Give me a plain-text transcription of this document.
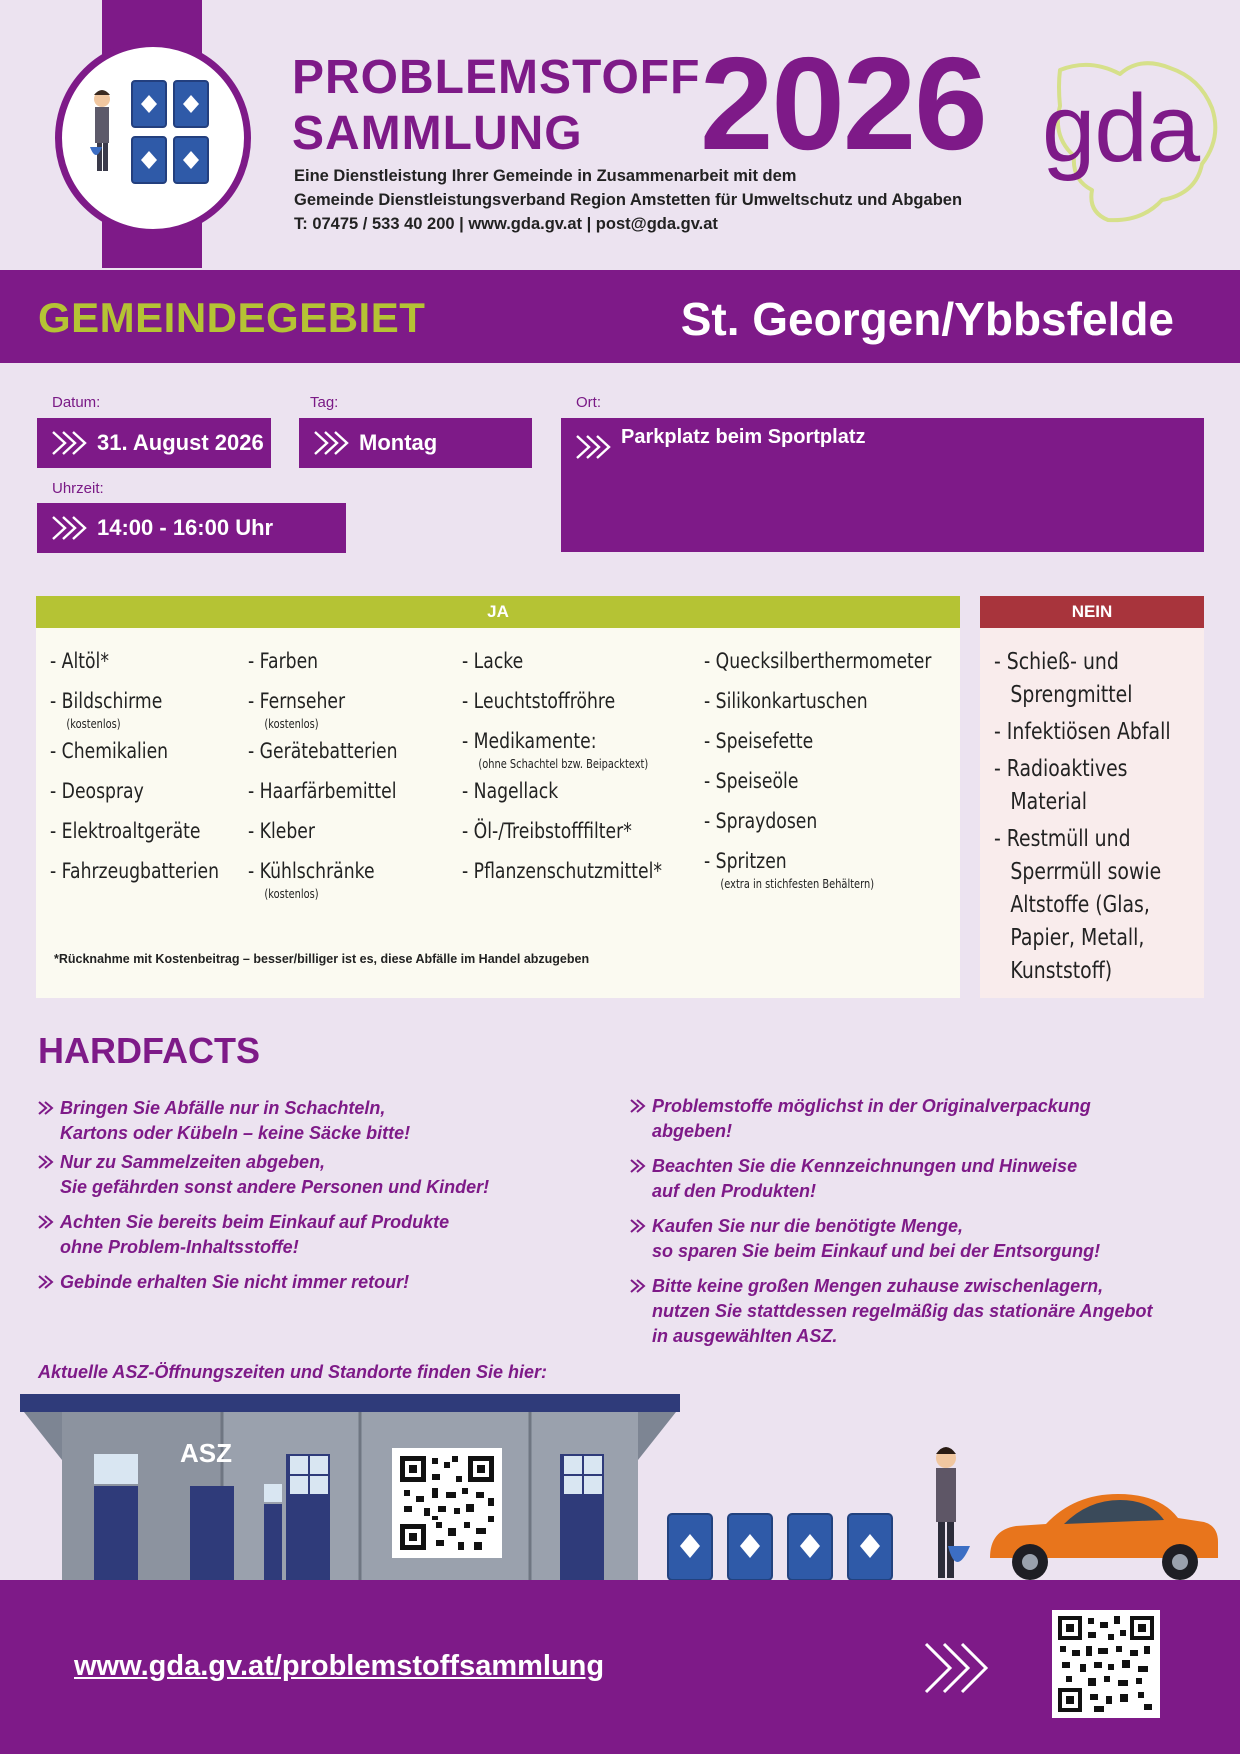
PROBLEMSTOFF
SAMMLUNG 2026 gda
Eine Dienstleistung Ihrer Gemeinde in Zusammenarbeit mit dem
Gemeinde Dienstleistungsverband Region Amstetten für Umweltschutz und Abgaben
T: 07475 / 533 40 200 | www.gda.gv.at | post@gda.gv.at
GEMEINDEGEBIET	St. Georgen/Ybbsfelde
Datum:
31. August 2026
Tag:
Montag
Ort:
Parkplatz beim Sportplatz
Uhrzeit:
14:00 - 16:00 Uhr
JA
- Altöl*
- Bildschirme
(kostenlos)
- Chemikalien
- Deospray
- Elektroaltgeräte
- Fahrzeugbatterien
- Farben
- Fernseher
(kostenlos)
- Gerätebatterien
- Haarfärbemittel
- Kleber
- Kühlschränke
(kostenlos)
- Lacke
- Leuchtstoffröhre
- Medikamente:
(ohne Schachtel bzw. Beipacktext)
- Nagellack
- Öl-/Treibstofffilter*
- Pflanzenschutzmittel*
- Quecksilberthermometer
- Silikonkartuschen
- Speisefette
- Speiseöle
- Spraydosen
- Spritzen
(extra in stichfesten Behältern)
*Rücknahme mit Kostenbeitrag – besser/billiger ist es, diese Abfälle im Handel abzugeben
NEIN
- Schieß- und Sprengmittel
- Infektiösen Abfall
- Radioaktives Material
- Restmüll und Sperrmüll sowie Altstoffe (Glas, Papier, Metall, Kunststoff)
HARDFACTS
Bringen Sie Abfälle nur in Schachteln,
Kartons oder Kübeln – keine Säcke bitte!
Nur zu Sammelzeiten abgeben,
Sie gefährden sonst andere Personen und Kinder!
Achten Sie bereits beim Einkauf auf Produkte
ohne Problem-Inhaltsstoffe!
Gebinde erhalten Sie nicht immer retour!
Problemstoffe möglichst in der Originalverpackung
abgeben!
Beachten Sie die Kennzeichnungen und Hinweise
auf den Produkten!
Kaufen Sie nur die benötigte Menge,
so sparen Sie beim Einkauf und bei der Entsorgung!
Bitte keine großen Mengen zuhause zwischenlagern,
nutzen Sie stattdessen regelmäßig das stationäre Angebot
in ausgewählten ASZ.
Aktuelle ASZ-Öffnungszeiten und Standorte finden Sie hier:
ASZ
www.gda.gv.at/problemstoffsammlung
